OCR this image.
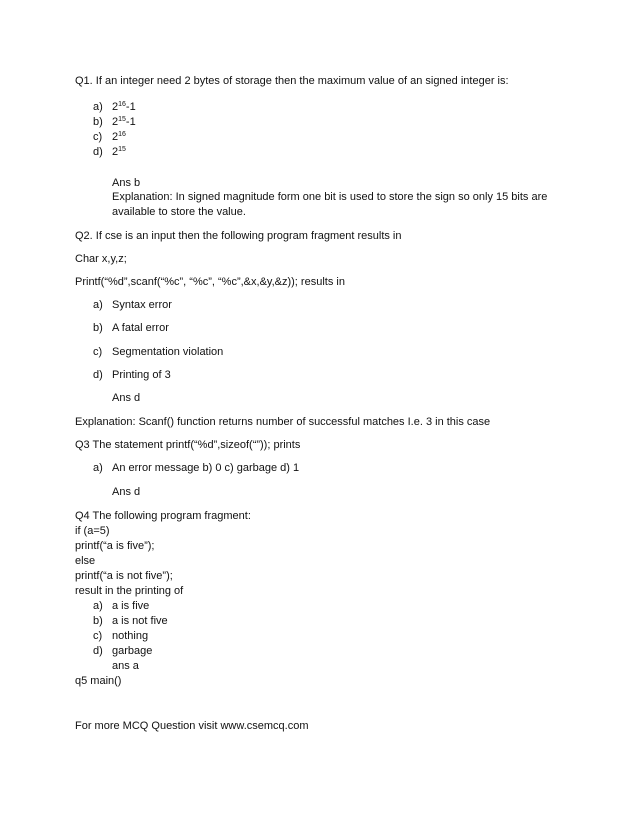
Q1. If an integer need 2 bytes of storage then the maximum value of an signed integer is:
a) $2^{16}-1$
b) $2^{15}-1$
c) $2^{16}$
d) $2^{15}$
Ans b
Explanation: In signed magnitude form one bit is used to store the sign so only 15 bits are
available to store the value.
Q2. If cse is an input then the following program fragment results in
Char x,y,z;
Printf(“%d”,scanf(“%c”, “%c”, “%c”,&x,&y,&z)); results in
a) Syntax error
b) A fatal error
c) Segmentation violation
d) Printing of 3
Ans d
Explanation: Scanf() function returns number of successful matches I.e. 3 in this case
Q3 The statement printf(“%d”,sizeof(“”)); prints
a) An error message b) 0 c) garbage d) 1
Ans d
Q4 The following program fragment:
if (a=5)
printf(“a is five”);
else
printf(“a is not five”);
result in the printing of
a) a is five
b) a is not five
c) nothing
d) garbage
ans a
q5 main()
For more MCQ Question visit www.csemcq.com
